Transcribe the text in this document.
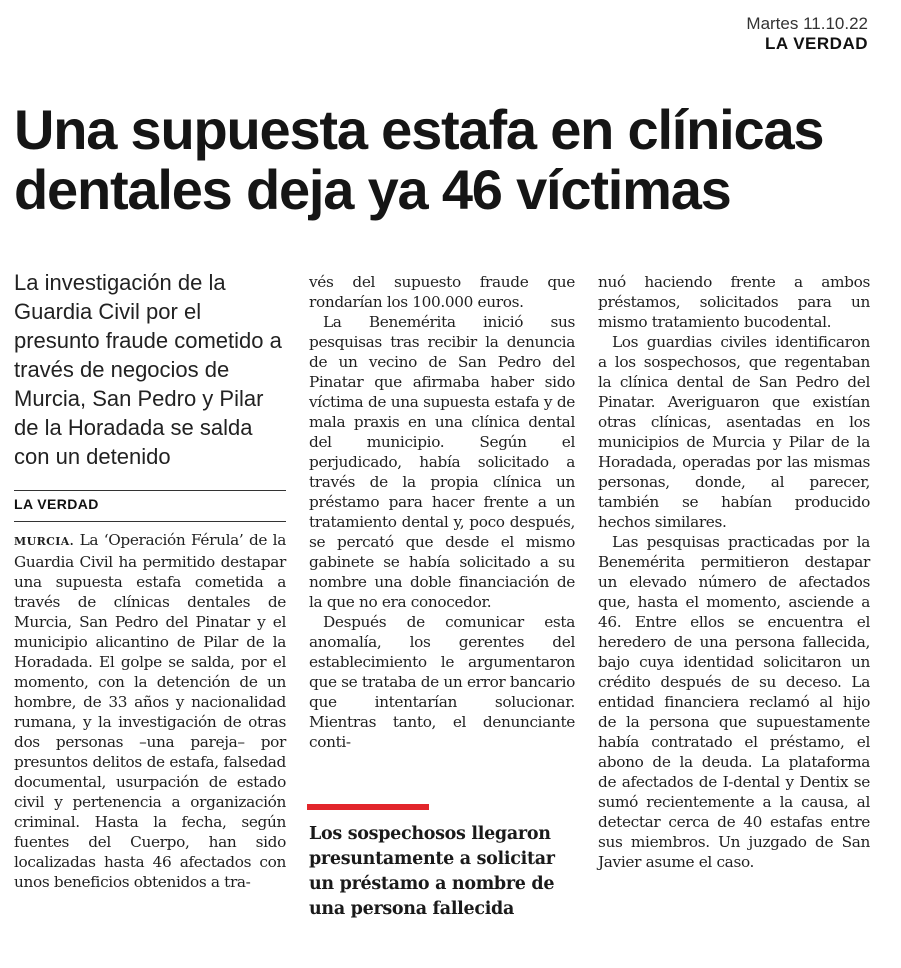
Martes 11.10.22
LA VERDAD
Una supuesta estafa en clínicas dentales deja ya 46 víctimas

La investigación de la Guardia Civil por el presunto fraude cometido a través de negocios de Murcia, San Pedro y Pilar de la Horadada se salda con un detenido

LA VERDAD

MURCIA. La ‘Operación Férula’ de la Guardia Civil ha permitido destapar una supuesta estafa cometida a través de clínicas dentales de Murcia, San Pedro del Pinatar y el municipio alicantino de Pilar de la Horadada. El golpe se salda, por el momento, con la detención de un hombre, de 33 años y nacionalidad rumana, y la investigación de otras dos personas –una pareja– por presuntos delitos de estafa, falsedad documental, usurpación de estado civil y pertenencia a organización criminal. Hasta la fecha, según fuentes del Cuerpo, han sido localizadas hasta 46 afectados con unos beneficios obtenidos a tra-

vés del supuesto fraude que rondarían los 100.000 euros.

La Benemérita inició sus pesquisas tras recibir la denuncia de un vecino de San Pedro del Pinatar que afirmaba haber sido víctima de una supuesta estafa y de mala praxis en una clínica dental del municipio. Según el perjudicado, había solicitado a través de la propia clínica un préstamo para hacer frente a un tratamiento dental y, poco después, se percató que desde el mismo gabinete se había solicitado a su nombre una doble financiación de la que no era conocedor.

Después de comunicar esta anomalía, los gerentes del establecimiento le argumentaron que se trataba de un error bancario que intentarían solucionar. Mientras tanto, el denunciante conti-

Los sospechosos llegaron presuntamente a solicitar un préstamo a nombre de una persona fallecida

nuó haciendo frente a ambos préstamos, solicitados para un mismo tratamiento bucodental.

Los guardias civiles identificaron a los sospechosos, que regentaban la clínica dental de San Pedro del Pinatar. Averiguaron que existían otras clínicas, asentadas en los municipios de Murcia y Pilar de la Horadada, operadas por las mismas personas, donde, al parecer, también se habían producido hechos similares.

Las pesquisas practicadas por la Benemérita permitieron destapar un elevado número de afectados que, hasta el momento, asciende a 46. Entre ellos se encuentra el heredero de una persona fallecida, bajo cuya identidad solicitaron un crédito después de su deceso. La entidad financiera reclamó al hijo de la persona que supuestamente había contratado el préstamo, el abono de la deuda. La plataforma de afectados de I-dental y Dentix se sumó recientemente a la causa, al detectar cerca de 40 estafas entre sus miembros. Un juzgado de San Javier asume el caso.
